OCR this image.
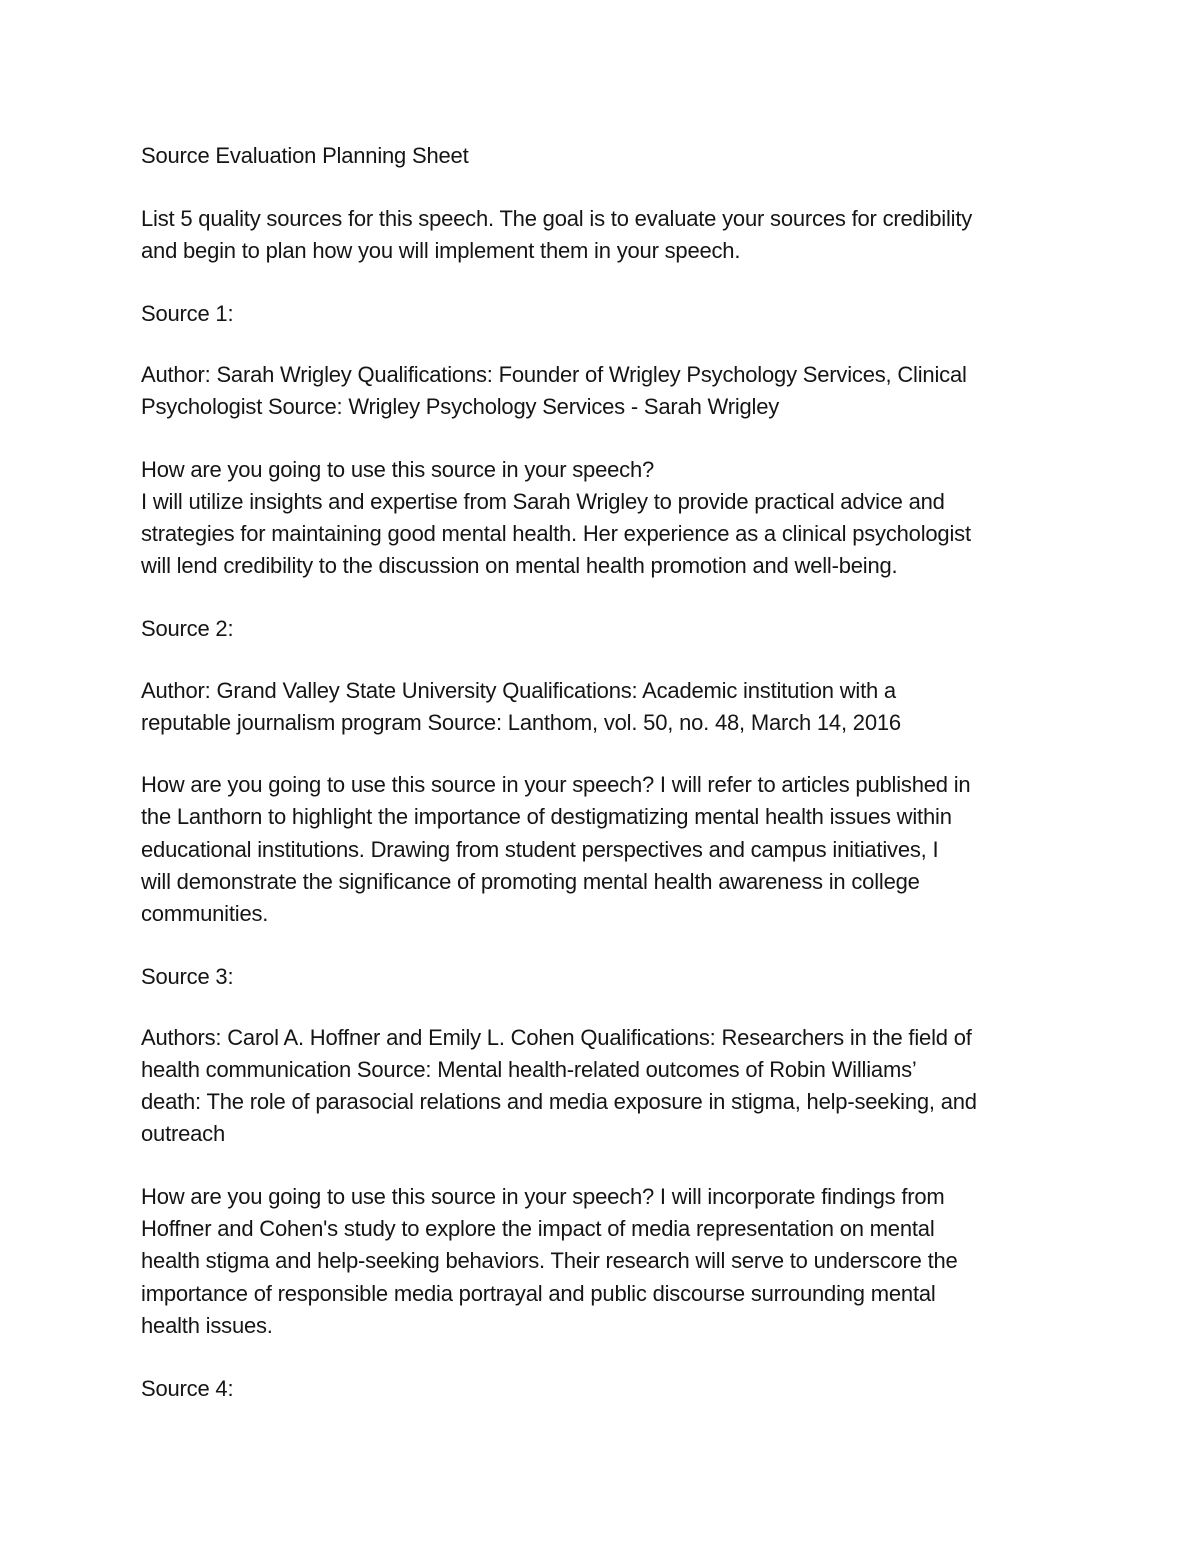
Source Evaluation Planning Sheet

List 5 quality sources for this speech. The goal is to evaluate your sources for credibility

and begin to plan how you will implement them in your speech.

Source 1:

Author: Sarah Wrigley Qualifications: Founder of Wrigley Psychology Services, Clinical

Psychologist Source: Wrigley Psychology Services - Sarah Wrigley

How are you going to use this source in your speech?

I will utilize insights and expertise from Sarah Wrigley to provide practical advice and

strategies for maintaining good mental health. Her experience as a clinical psychologist

will lend credibility to the discussion on mental health promotion and well-being.

Source 2:

Author: Grand Valley State University Qualifications: Academic institution with a

reputable journalism program Source: Lanthom, vol. 50, no. 48, March 14, 2016

How are you going to use this source in your speech? I will refer to articles published in

the Lanthorn to highlight the importance of destigmatizing mental health issues within

educational institutions. Drawing from student perspectives and campus initiatives, I

will demonstrate the significance of promoting mental health awareness in college

communities.

Source 3:

Authors: Carol A. Hoffner and Emily L. Cohen Qualifications: Researchers in the field of

health communication Source: Mental health-related outcomes of Robin Williams’

death: The role of parasocial relations and media exposure in stigma, help-seeking, and

outreach

How are you going to use this source in your speech? I will incorporate findings from

Hoffner and Cohen's study to explore the impact of media representation on mental

health stigma and help-seeking behaviors. Their research will serve to underscore the

importance of responsible media portrayal and public discourse surrounding mental

health issues.

Source 4:
